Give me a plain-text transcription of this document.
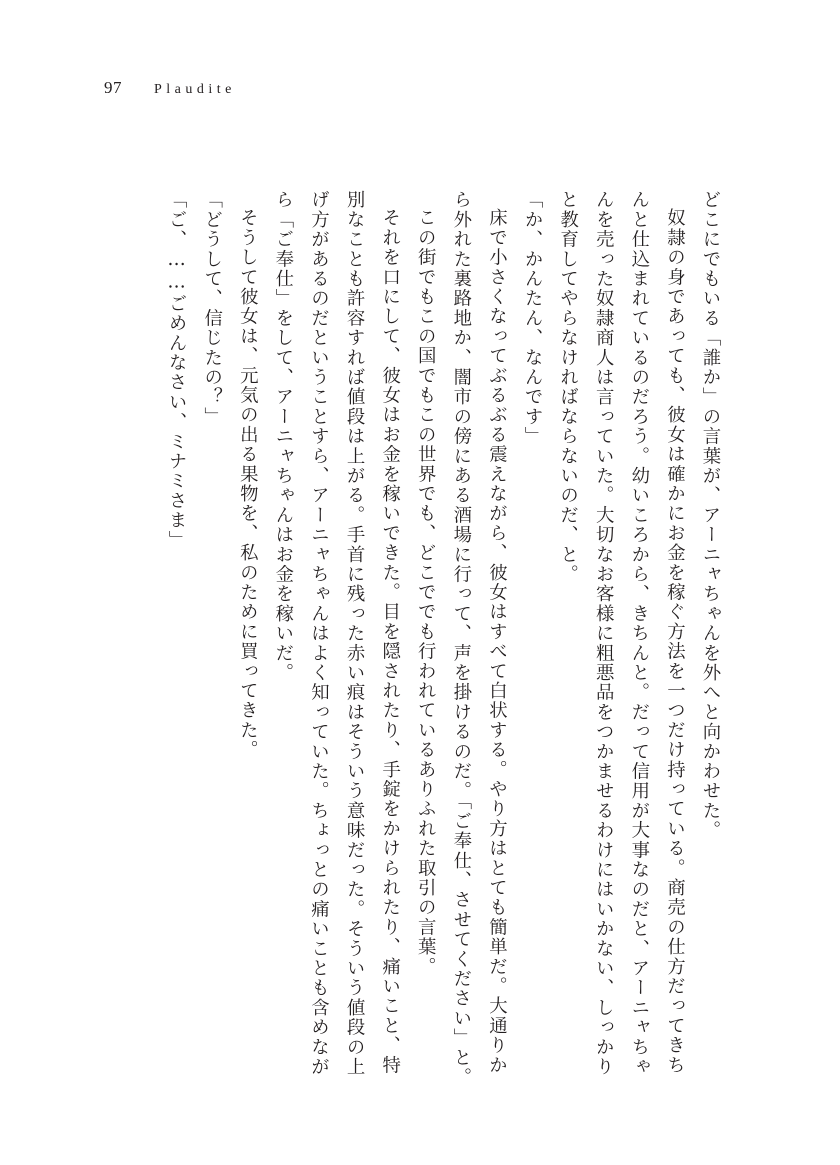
97 Plaudite

どこにでもいる「誰か」の言葉が、アーニャちゃんを外へと向かわせた。

奴隷の身であっても、彼女は確かにお金を稼ぐ方法を一つだけ持っている。商売の仕方だってきちんと仕込まれているのだろう。幼いころから、きちんと。だって信用が大事なのだと、アーニャちゃんを売った奴隷商人は言っていた。大切なお客様に粗悪品をつかませるわけにはいかない、しっかりと教育してやらなければならないのだ、と。

「か、かんたん、なんです」

床で小さくなってぶるぶる震えながら、彼女はすべて白状する。やり方はとても簡単だ。大通りから外れた裏路地か、闇市の傍にある酒場に行って、声を掛けるのだ。「ご奉仕、させてください」と。

この街でもこの国でもこの世界でも、どこででも行われているありふれた取引の言葉。

それを口にして、彼女はお金を稼いできた。目を隠されたり、手錠をかけられたり、痛いこと、特別なことも許容すれば値段は上がる。手首に残った赤い痕はそういう意味だった。そういう値段の上げ方があるのだということすら、アーニャちゃんはよく知っていた。ちょっとの痛いことも含めながら「ご奉仕」をして、アーニャちゃんはお金を稼いだ。

そうして彼女は、元気の出る果物を、私のために買ってきた。

「どうして、信じたの？」

「ご、……ごめんなさい、ミナミさま」
